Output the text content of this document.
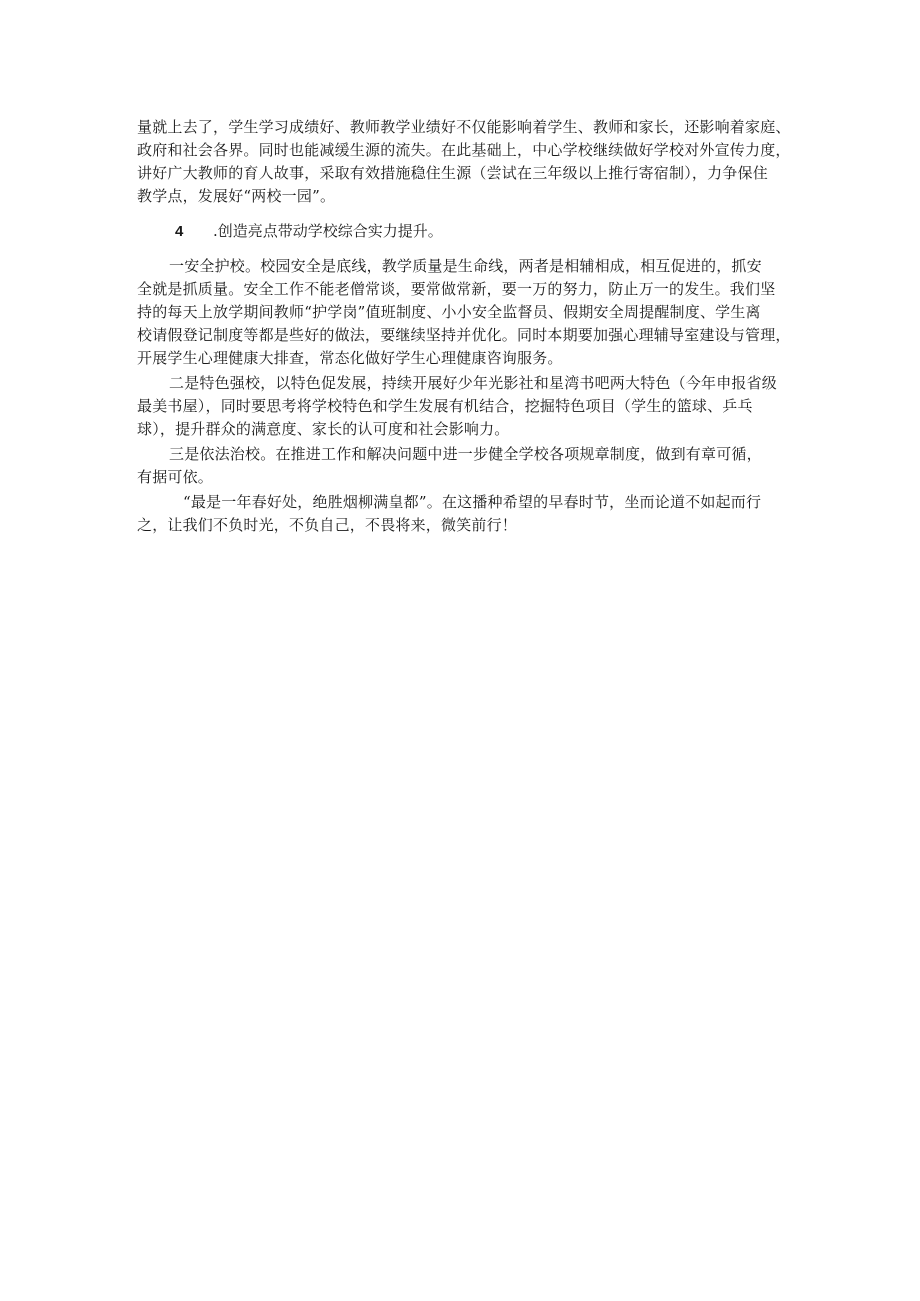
量就上去了，学生学习成绩好、教师教学业绩好不仅能影响着学生、教师和家长，还影响着家庭、
政府和社会各界。同时也能减缓生源的流失。在此基础上，中心学校继续做好学校对外宣传力度，
讲好广大教师的育人故事，采取有效措施稳住生源（尝试在三年级以上推行寄宿制），力争保住
教学点，发展好“两校一园”。
4 .创造亮点带动学校综合实力提升。
一安全护校。校园安全是底线，教学质量是生命线，两者是相辅相成，相互促进的，抓安
全就是抓质量。安全工作不能老僧常谈，要常做常新，要一万的努力，防止万一的发生。我们坚
持的每天上放学期间教师“护学岗”值班制度、小小安全监督员、假期安全周提醒制度、学生离
校请假登记制度等都是些好的做法，要继续坚持并优化。同时本期要加强心理辅导室建设与管理，
开展学生心理健康大排查，常态化做好学生心理健康咨询服务。
二是特色强校，以特色促发展，持续开展好少年光影社和星湾书吧两大特色（今年申报省级
最美书屋），同时要思考将学校特色和学生发展有机结合，挖掘特色项目（学生的篮球、乒乓
球），提升群众的满意度、家长的认可度和社会影响力。
三是依法治校。在推进工作和解决问题中进一步健全学校各项规章制度，做到有章可循，
有据可依。
“最是一年春好处，绝胜烟柳满皇都”。在这播种希望的早春时节，坐而论道不如起而行
之，让我们不负时光，不负自己，不畏将来，微笑前行！
